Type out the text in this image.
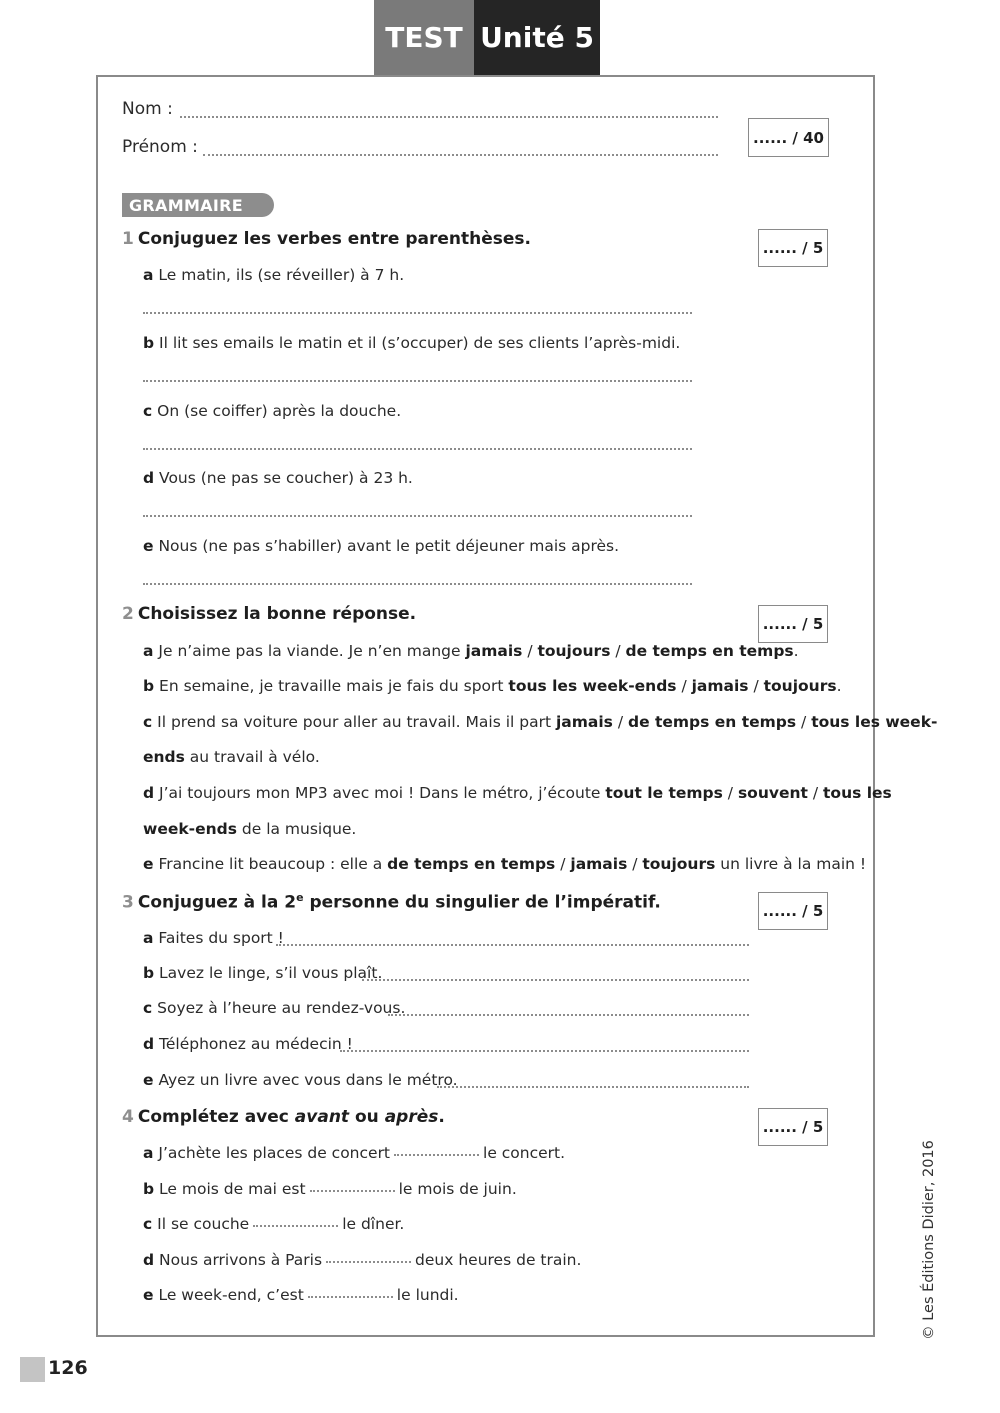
TEST Unité 5
Nom :
Prénom :	...... / 40
GRAMMAIRE
1 Conjuguez les verbes entre parenthèses.	...... / 5
a Le matin, ils (se réveiller) à 7 h.
b Il lit ses emails le matin et il (s’occuper) de ses clients l’après-midi.
c On (se coiffer) après la douche.
d Vous (ne pas se coucher) à 23 h.
e Nous (ne pas s’habiller) avant le petit déjeuner mais après.
2 Choisissez la bonne réponse.	...... / 5
a Je n’aime pas la viande. Je n’en mange jamais / toujours / de temps en temps.
b En semaine, je travaille mais je fais du sport tous les week-ends / jamais / toujours.
c Il prend sa voiture pour aller au travail. Mais il part jamais / de temps en temps / tous les week-
ends au travail à vélo.
d J’ai toujours mon MP3 avec moi ! Dans le métro, j’écoute tout le temps / souvent / tous les
week-ends de la musique.
e Francine lit beaucoup : elle a de temps en temps / jamais / toujours un livre à la main !
3 Conjuguez à la 2e personne du singulier de l’impératif.	...... / 5
a Faites du sport !
b Lavez le linge, s’il vous plaît.
c Soyez à l’heure au rendez-vous.
d Téléphonez au médecin !
e Ayez un livre avec vous dans le métro.
4 Complétez avec avant ou après.	...... / 5
a J’achète les places de concert	le concert.
b Le mois de mai est	le mois de juin.
c Il se couche	le dîner.
d Nous arrivons à Paris	deux heures de train.
e Le week-end, c’est	le lundi.	© Les Éditions Didier, 2016
126
